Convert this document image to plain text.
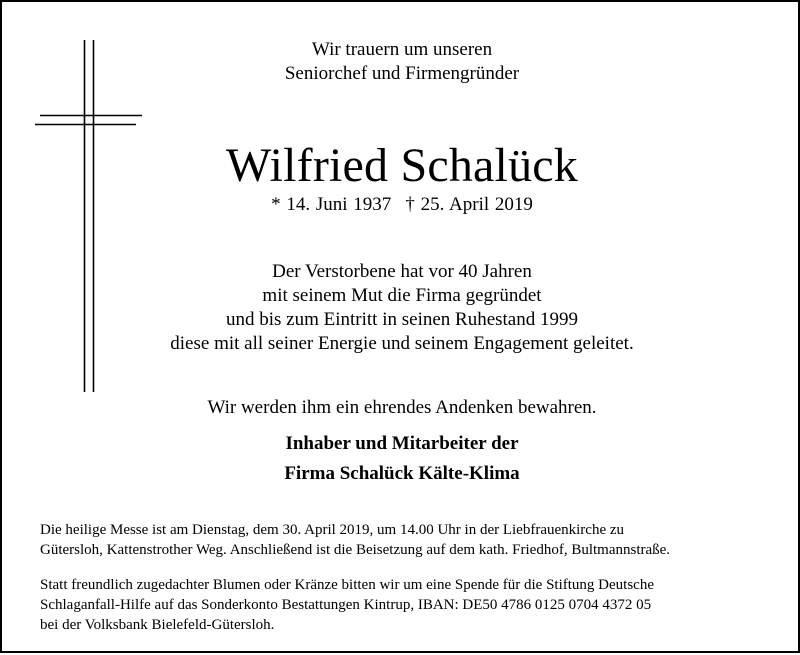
Wir trauern um unseren
Seniorchef und Firmengründer
Wilfried Schalück
* 14. Juni 1937 † 25. April 2019
Der Verstorbene hat vor 40 Jahren
mit seinem Mut die Firma gegründet
und bis zum Eintritt in seinen Ruhestand 1999
diese mit all seiner Energie und seinem Engagement geleitet.
Wir werden ihm ein ehrendes Andenken bewahren.
Inhaber und Mitarbeiter der
Firma Schalück Kälte-Klima
Die heilige Messe ist am Dienstag, dem 30. April 2019, um 14.00 Uhr in der Liebfrauenkirche zu
Gütersloh, Kattenstrother Weg. Anschließend ist die Beisetzung auf dem kath. Friedhof, Bultmannstraße.
Statt freundlich zugedachter Blumen oder Kränze bitten wir um eine Spende für die Stiftung Deutsche
Schlaganfall-Hilfe auf das Sonderkonto Bestattungen Kintrup, IBAN: DE50 4786 0125 0704 4372 05
bei der Volksbank Bielefeld-Gütersloh.
